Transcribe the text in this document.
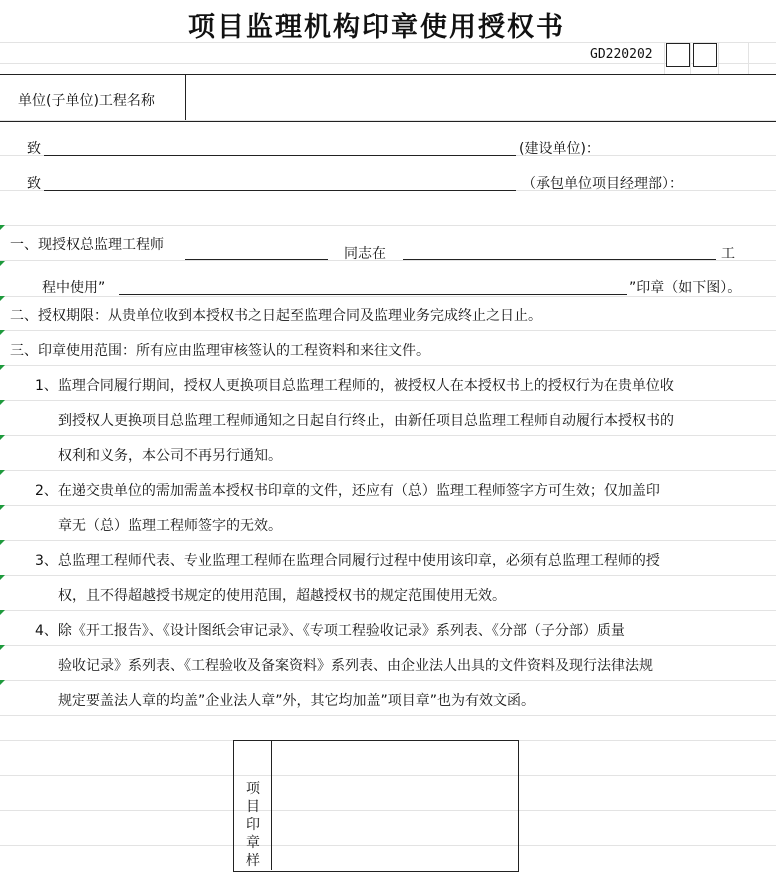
项目监理机构印章使用授权书
GD220202
单位(子单位)工程名称
致	(建设单位)：
致	（承包单位项目经理部）：
一、现授权总监理工程师
同志在	工
程中使用”	”印章（如下图）。
二、授权期限：从贵单位收到本授权书之日起至监理合同及监理业务完成终止之日止。
三、印章使用范围：所有应由监理审核签认的工程资料和来往文件。
1、监理合同履行期间，授权人更换项目总监理工程师的，被授权人在本授权书上的授权行为在贵单位收
到授权人更换项目总监理工程师通知之日起自行终止，由新任项目总监理工程师自动履行本授权书的
权利和义务，本公司不再另行通知。
2、在递交贵单位的需加需盖本授权书印章的文件，还应有（总）监理工程师签字方可生效；仅加盖印
章无（总）监理工程师签字的无效。
3、总监理工程师代表、专业监理工程师在监理合同履行过程中使用该印章，必须有总监理工程师的授
权，且不得超越授书规定的使用范围，超越授权书的规定范围使用无效。
4、除《开工报告》、《设计图纸会审记录》、《专项工程验收记录》系列表、《分部（子分部）质量
验收记录》系列表、《工程验收及备案资料》系列表、由企业法人出具的文件资料及现行法律法规
规定要盖法人章的均盖”企业法人章”外，其它均加盖”项目章”也为有效文函。
项目印章样
